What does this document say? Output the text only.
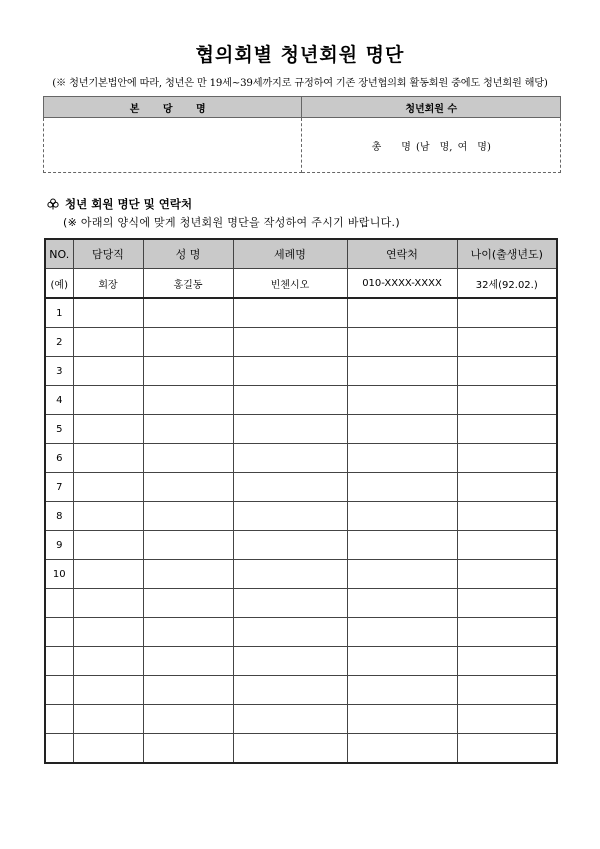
협의회별 청년회원 명단
(※ 청년기본법안에 따라, 청년은 만 19세~39세까지로 규정하여 기존 장년협의회 활동회원 중에도 청년회원 해당)
본 당 명	청년회원 수
	총　　명 (남　명, 여　명)
청년 회원 명단 및 연락처
(※ 아래의 양식에 맞게 청년회원 명단을 작성하여 주시기 바랍니다.)
NO.	담당직	성 명	세례명	연락처	나이(출생년도)
(예)	회장	홍길동	빈첸시오	010-XXXX-XXXX	32세(92.02.)
1					
2					
3					
4					
5					
6					
7					
8					
9					
10					
